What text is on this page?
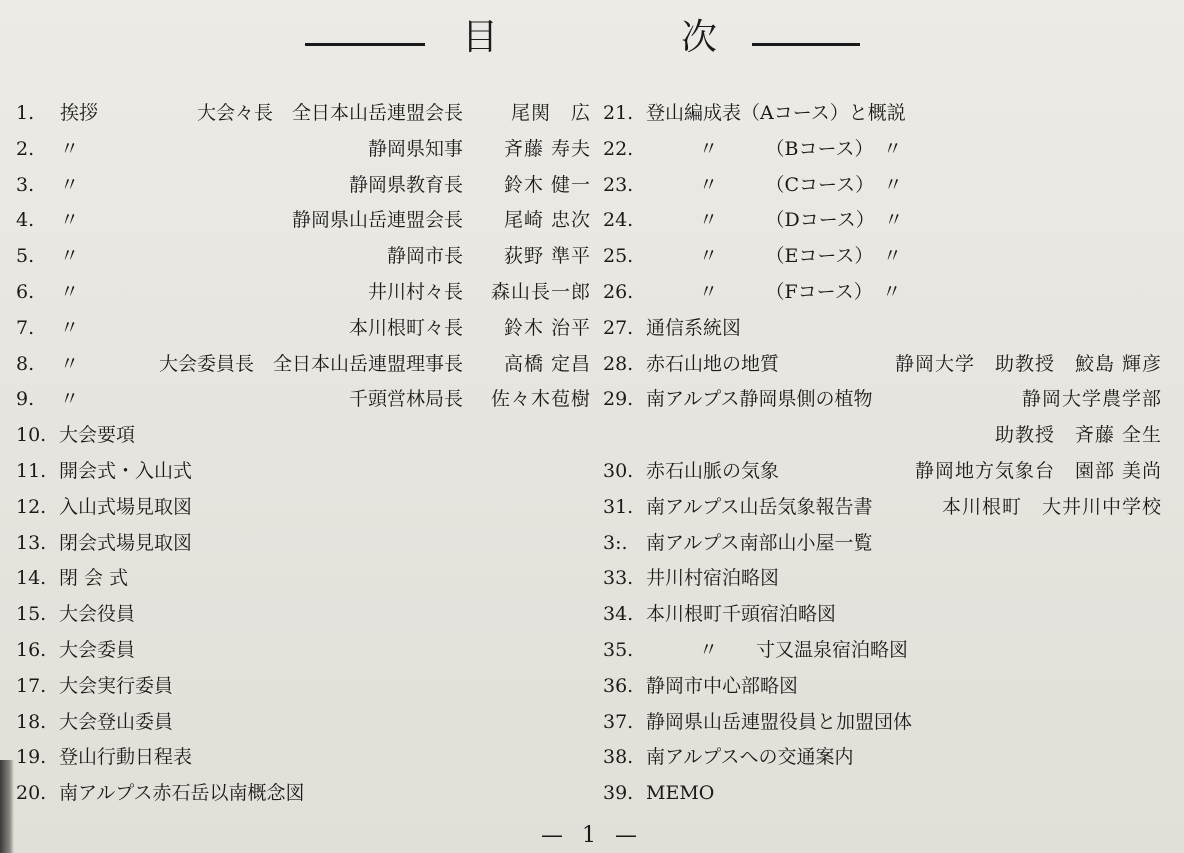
目	次
1. 挨拶	大会々長　全日本山岳連盟会長	尾関　広
2. 〃	静岡県知事 斉藤 寿夫
3. 〃	静岡県教育長 鈴木 健一
4. 〃	静岡県山岳連盟会長 尾崎 忠次
5. 〃	静岡市長 荻野 準平
6. 〃	井川村々長 森山長一郎
7. 〃	本川根町々長 鈴木 治平
8. 〃	大会委員長　全日本山岳連盟理事長 高橋 定昌
9. 〃	千頭営林局長 佐々木苞樹
10. 大会要項
11. 開会式・入山式
12. 入山式場見取図
13. 閉会式場見取図
14. 閉 会 式
15. 大会役員
16. 大会委員
17. 大会実行委員
18. 大会登山委員
19. 登山行動日程表
20. 南アルプス赤石岳以南概念図
21. 登山編成表（Aコース）と概説
22.	〃　　　（Bコース）　〃
23.	〃　　　（Cコース）　〃
24.	〃　　　（Dコース）　〃
25.	〃　　　（Eコース）　〃
26.	〃　　　（Fコース）　〃
27. 通信系統図
28. 赤石山地の地質	静岡大学　助教授　鮫島 輝彦
29. 南アルプス静岡県側の植物	静岡大学農学部
助教授　斉藤 全生
30. 赤石山脈の気象	静岡地方気象台　園部 美尚
31. 南アルプス山岳気象報告書	本川根町　大井川中学校
3:. 南アルプス南部山小屋一覧
33. 井川村宿泊略図
34. 本川根町千頭宿泊略図
35.	〃　　寸又温泉宿泊略図
36. 静岡市中心部略図
37. 静岡県山岳連盟役員と加盟団体
38. 南アルプスへの交通案内
39. MEMO
— 1 —
